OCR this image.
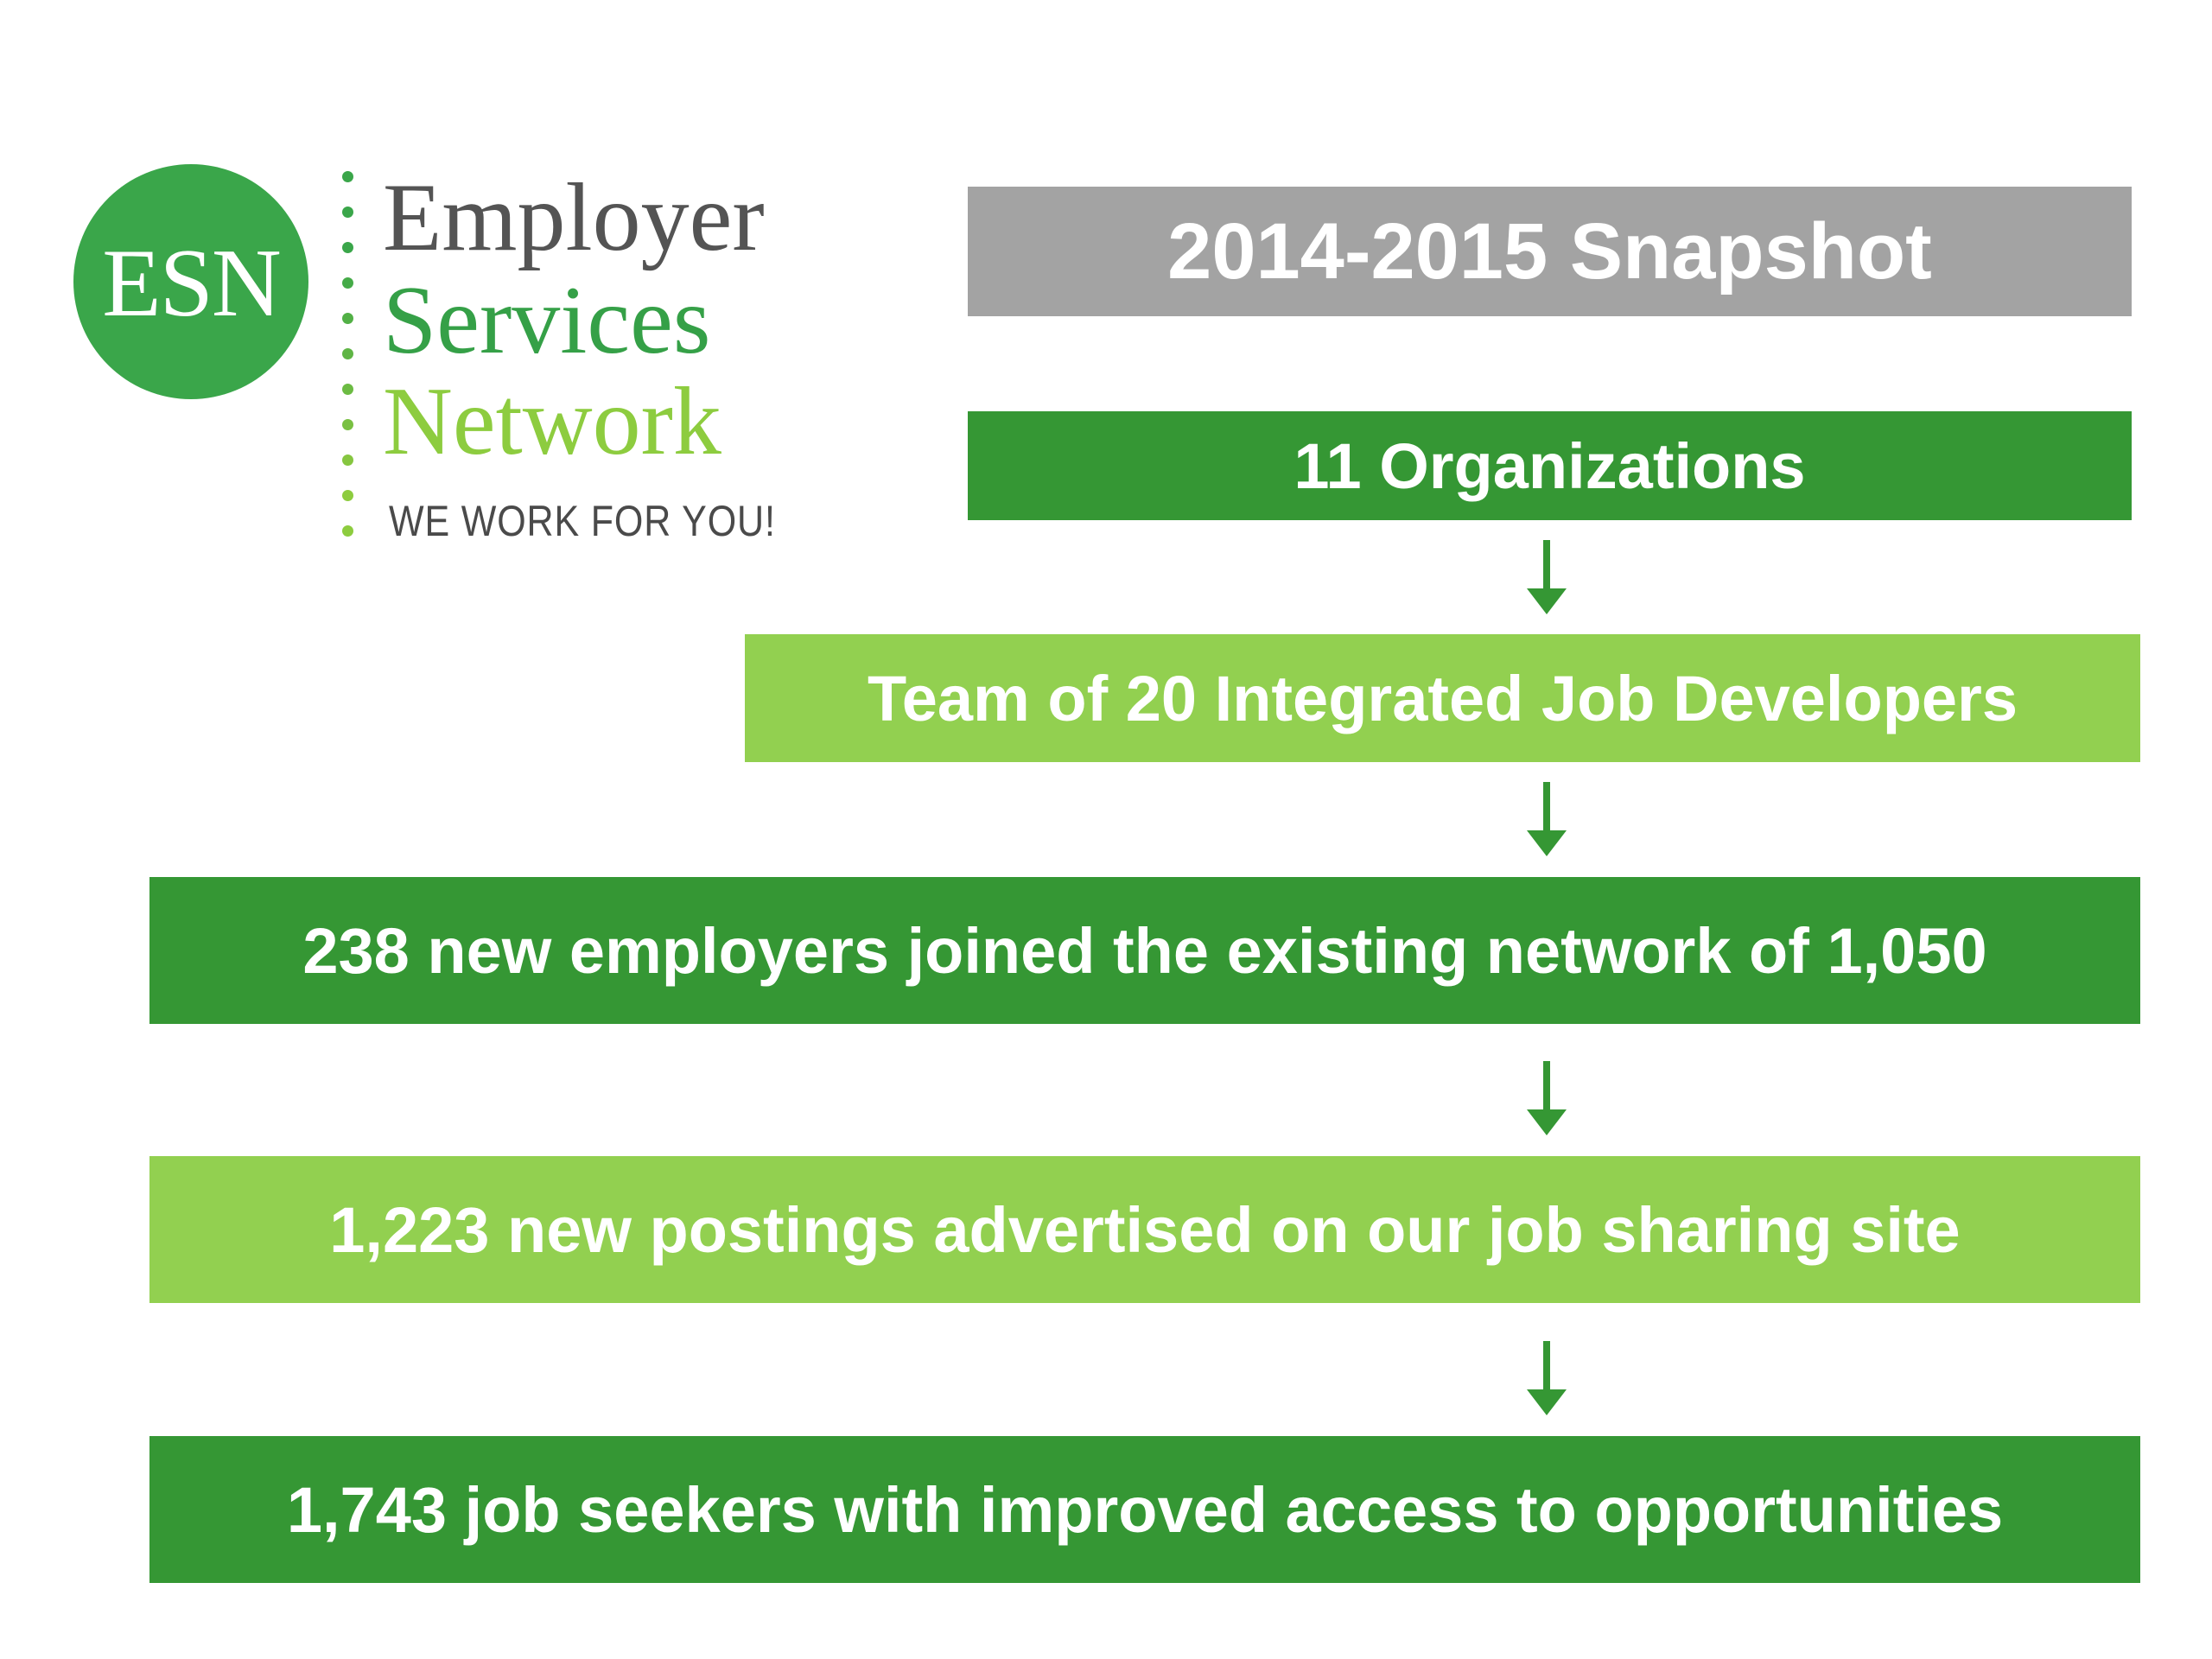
ESN
Employer
Services
Network
WE WORK FOR YOU!
2014-2015 Snapshot
11 Organizations
Team of 20 Integrated Job Developers
238 new employers joined the existing network of 1,050
1,223 new postings advertised on our job sharing site
1,743 job seekers with improved access to opportunities
